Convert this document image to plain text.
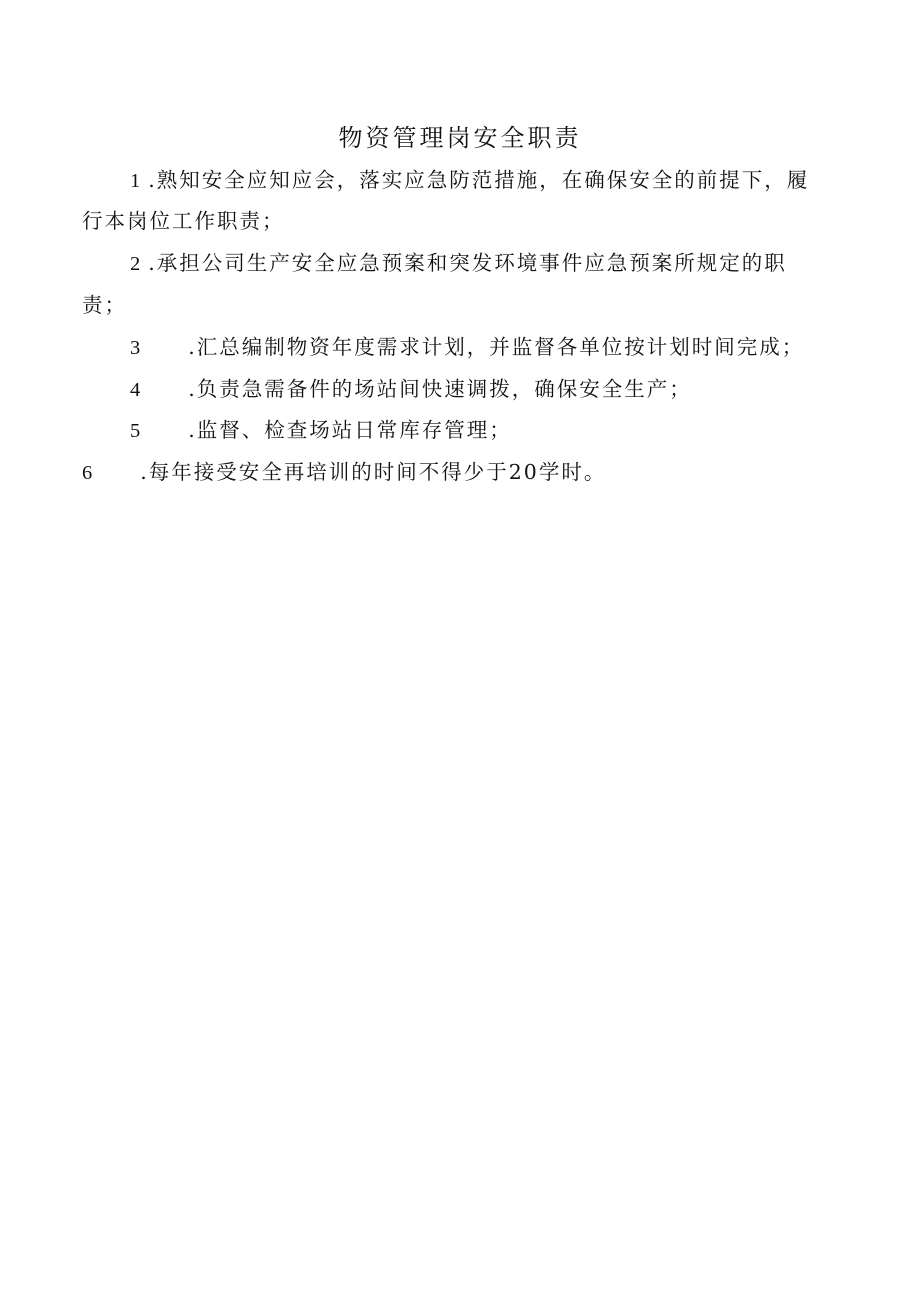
物资管理岗安全职责

1 .熟知安全应知应会，落实应急防范措施，在确保安全的前提下，履

行本岗位工作职责；

2 .承担公司生产安全应急预案和突发环境事件应急预案所规定的职

责；

3 .汇总编制物资年度需求计划，并监督各单位按计划时间完成；

4 .负责急需备件的场站间快速调拨，确保安全生产；

5 .监督、检查场站日常库存管理；

6 .每年接受安全再培训的时间不得少于20学时。
